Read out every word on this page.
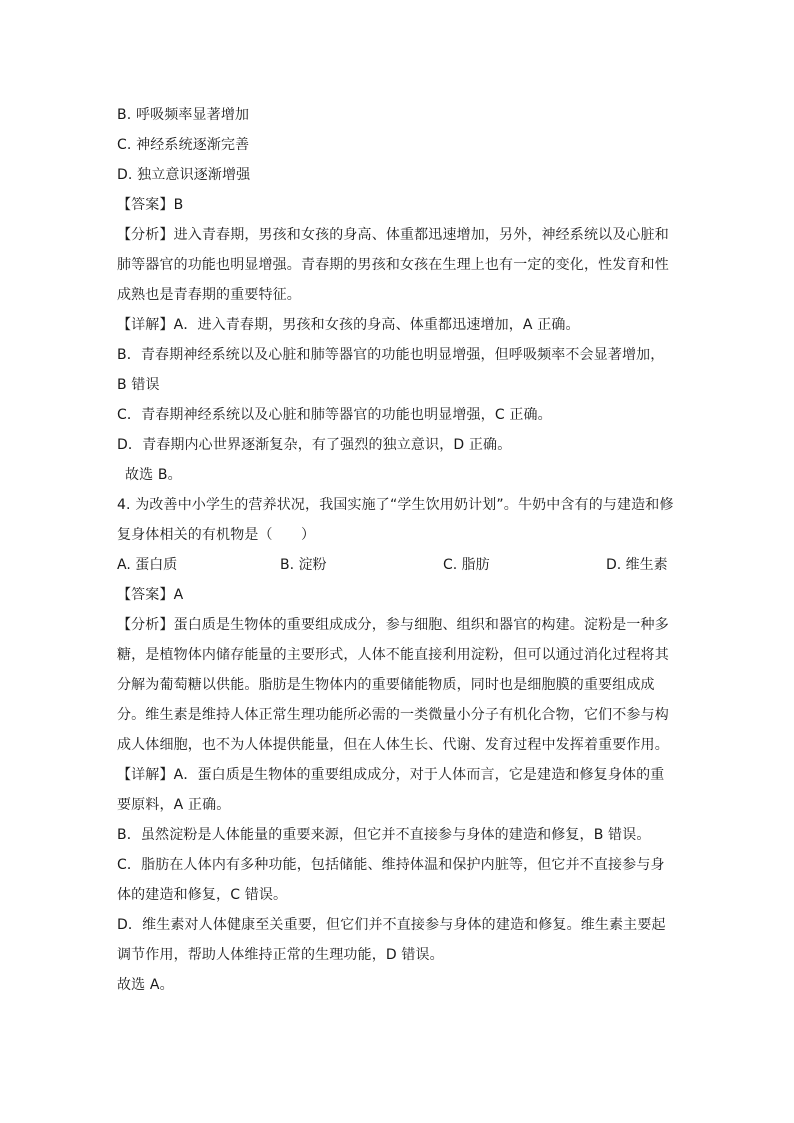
B. 呼吸频率显著增加
C. 神经系统逐渐完善
D. 独立意识逐渐增强
【答案】B
【分析】进入青春期，男孩和女孩的身高、体重都迅速增加，另外，神经系统以及心脏和
肺等器官的功能也明显增强。青春期的男孩和女孩在生理上也有一定的变化，性发育和性
成熟也是青春期的重要特征。
【详解】A．进入青春期，男孩和女孩的身高、体重都迅速增加，A 正确。
B．青春期神经系统以及心脏和肺等器官的功能也明显增强，但呼吸频率不会显著增加，
B 错误
C．青春期神经系统以及心脏和肺等器官的功能也明显增强，C 正确。
D．青春期内心世界逐渐复杂，有了强烈的独立意识，D 正确。
故选 B。
4. 为改善中小学生的营养状况，我国实施了“学生饮用奶计划”。牛奶中含有的与建造和修
复身体相关的有机物是（　　）
A. 蛋白质	B. 淀粉	C. 脂肪	D. 维生素
【答案】A
【分析】蛋白质是生物体的重要组成成分，参与细胞、组织和器官的构建。淀粉是一种多
糖，是植物体内储存能量的主要形式，人体不能直接利用淀粉，但可以通过消化过程将其
分解为葡萄糖以供能。脂肪是生物体内的重要储能物质，同时也是细胞膜的重要组成成
分。维生素是维持人体正常生理功能所必需的一类微量小分子有机化合物，它们不参与构
成人体细胞，也不为人体提供能量，但在人体生长、代谢、发育过程中发挥着重要作用。
【详解】A．蛋白质是生物体的重要组成成分，对于人体而言，它是建造和修复身体的重
要原料，A 正确。
B．虽然淀粉是人体能量的重要来源，但它并不直接参与身体的建造和修复，B 错误。
C．脂肪在人体内有多种功能，包括储能、维持体温和保护内脏等，但它并不直接参与身
体的建造和修复，C 错误。
D．维生素对人体健康至关重要，但它们并不直接参与身体的建造和修复。维生素主要起
调节作用，帮助人体维持正常的生理功能，D 错误。
故选 A。
